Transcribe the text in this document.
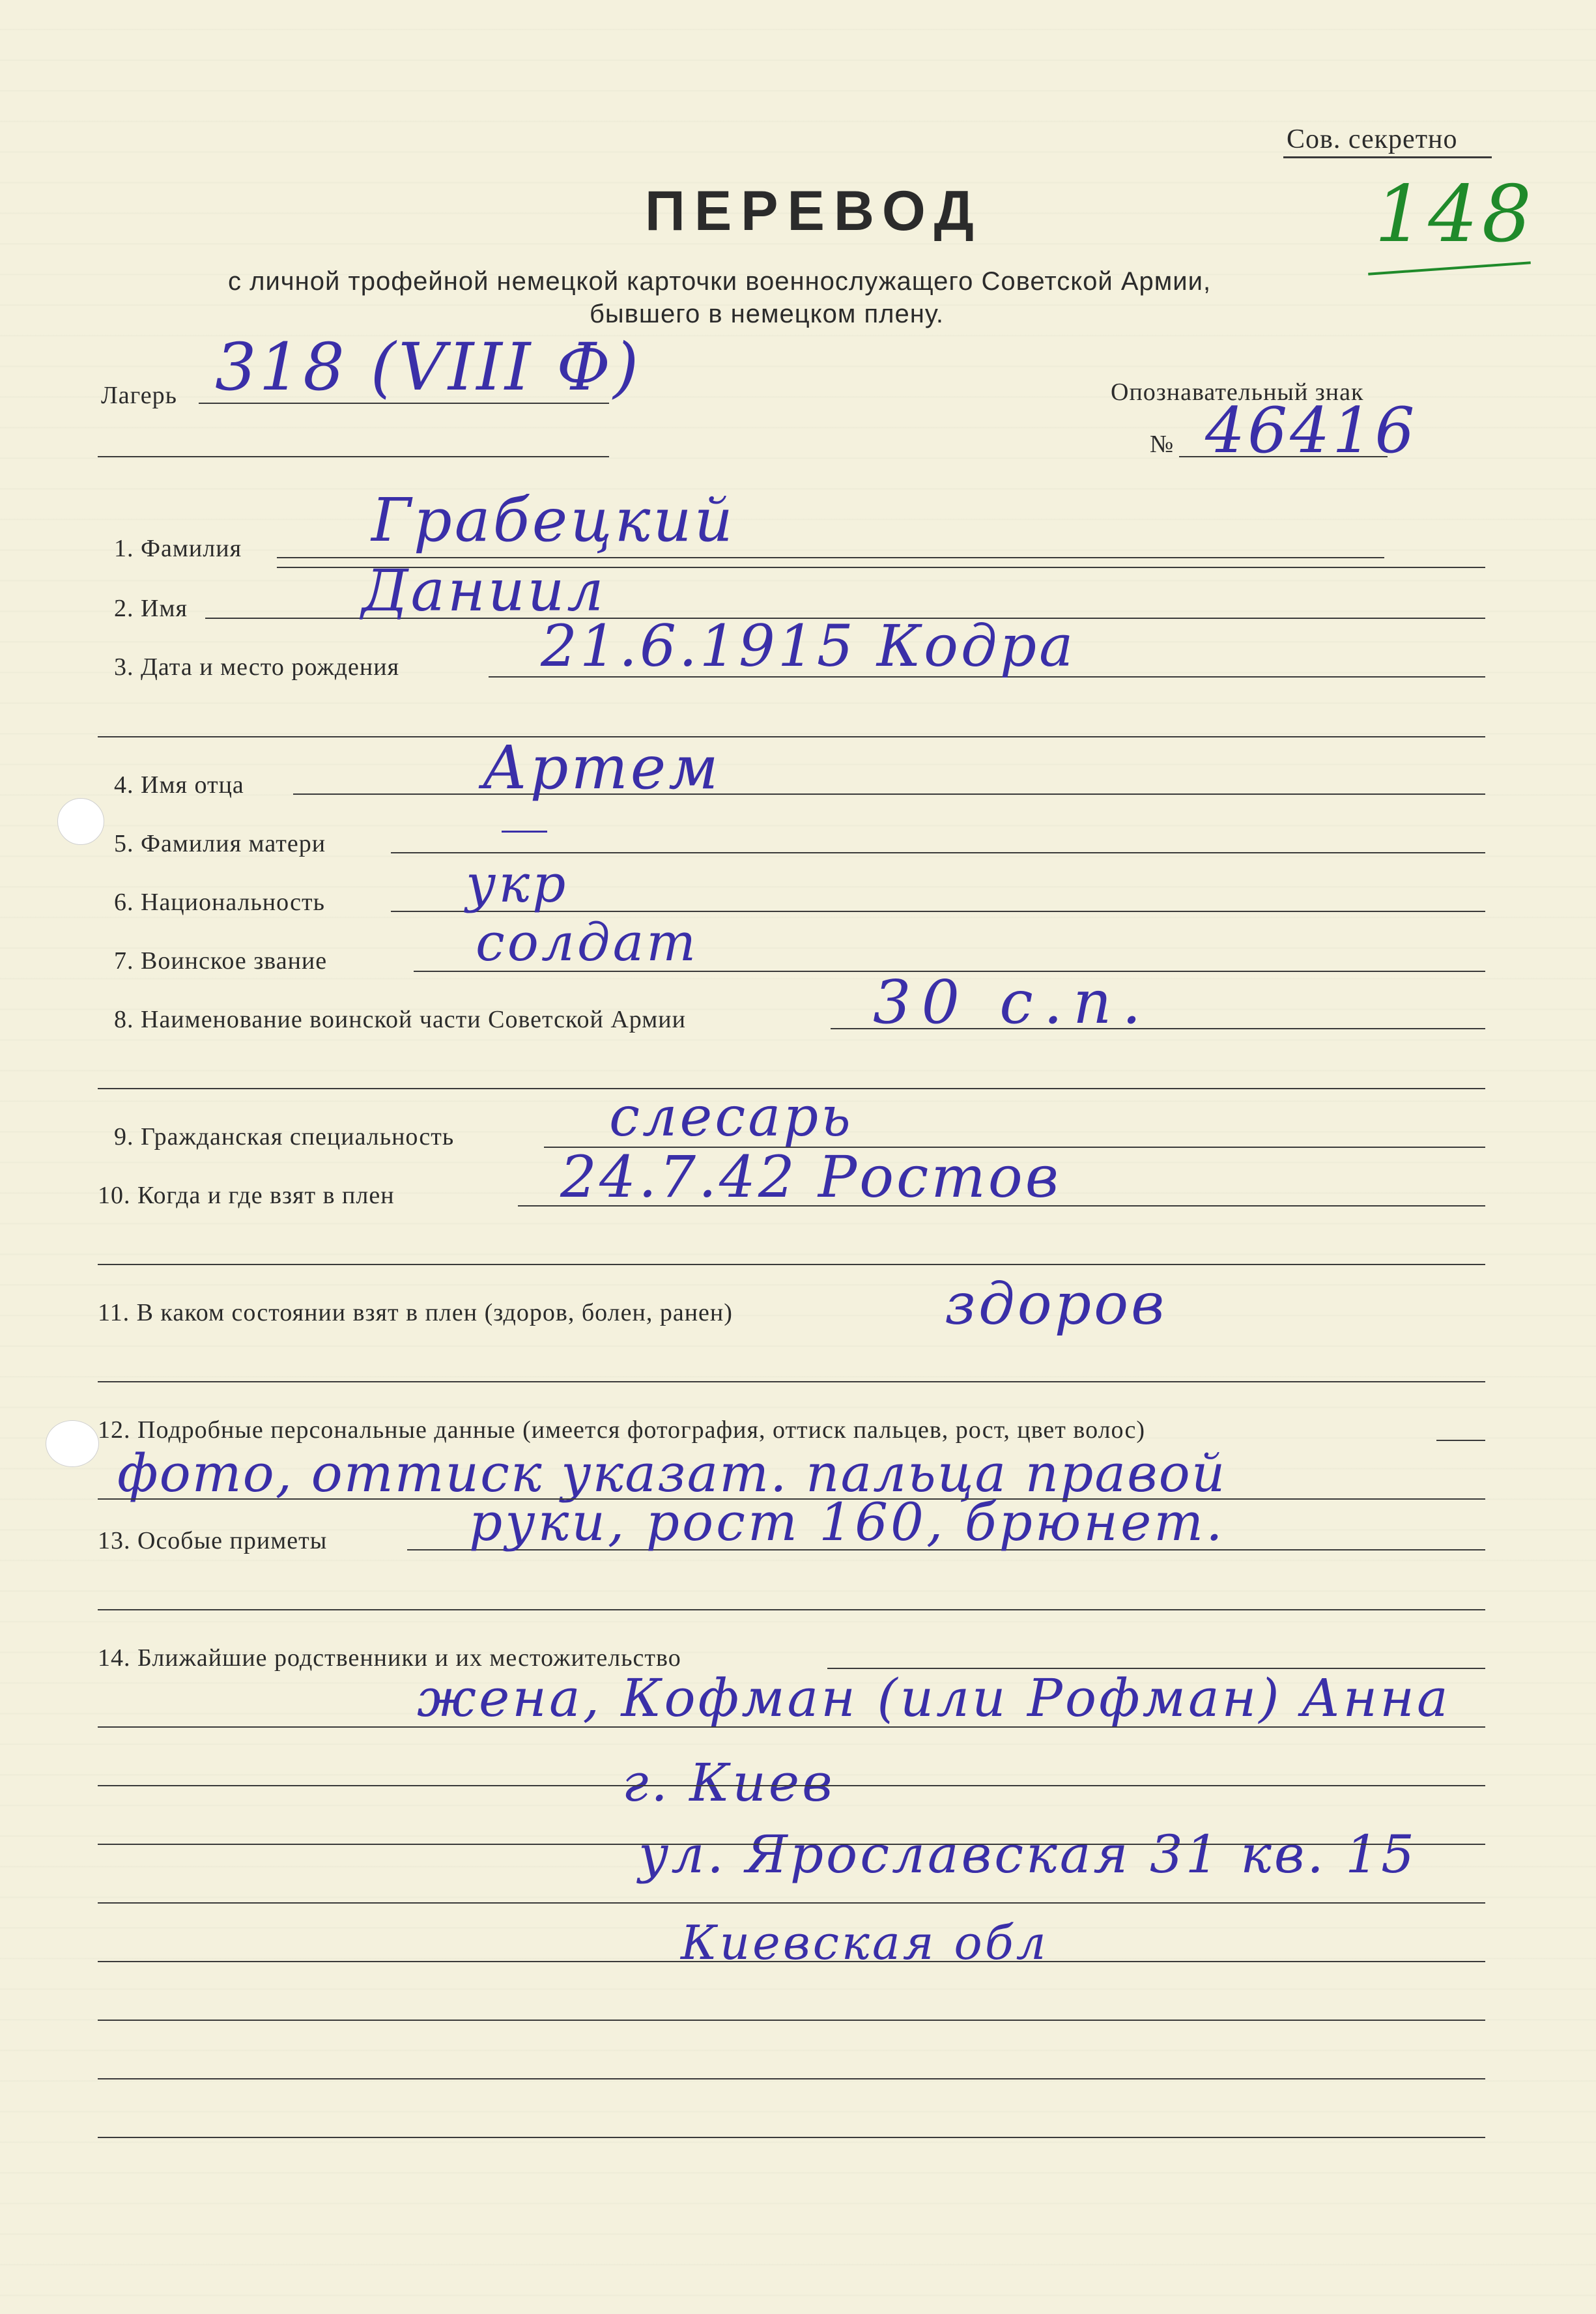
Сов. секретно
148
ПЕРЕВОД
с личной трофейной немецкой карточки военнослужащего Советской Армии,
бывшего в немецком плену.
Лагерь 318 (VIII Ф)	Опознавательный знак
№ 46416
1. Фамилия Грабецкий
2. Имя	Даниил
3. Дата и место рождения 21.6.1915 Кодра
4. Имя отца	Артем
5. Фамилия матери
6. Национальность	укр
7. Воинское звание	солдат
8. Наименование воинской части Советской Армии	30 с.п.
9. Гражданская специальность	слесарь
10. Когда и где взят в плен	24.7.42 Ростов
11. В каком состоянии взят в плен (здоров, болен, ранен)	здоров
12. Подробные персональные данные (имеется фотография, оттиск пальцев, рост, цвет волос)
фото, оттиск указат. пальца правой
13. Особые приметы	руки, рост 160, брюнет.
14. Ближайшие родственники и их местожительство
жена, Кофман (или Рофман) Анна
г. Киев
ул. Ярославская 31 кв. 15
Киевская обл
